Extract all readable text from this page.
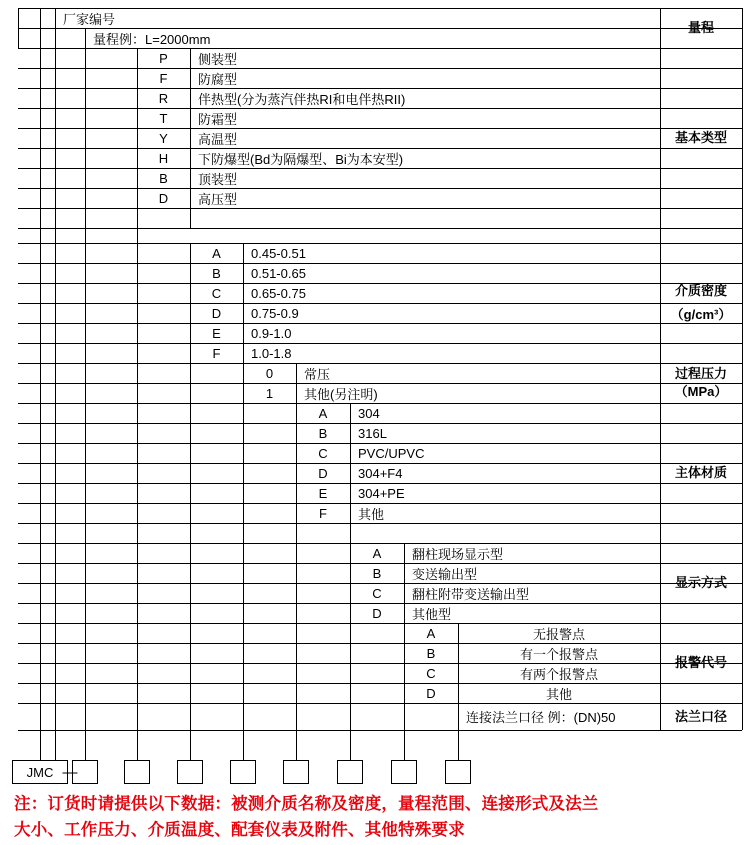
厂家编号
量程例：L=2000mm
量程
P	侧装型
F	防腐型
R	伴热型(分为蒸汽伴热RI和电伴热RII)
T	防霜型
Y	高温型
H	下防爆型(Bd为隔爆型、Bi为本安型)
B	顶装型
D	高压型
基本类型
A	0.45-0.51
B	0.51-0.65
C	0.65-0.75
D	0.75-0.9
E	0.9-1.0
F	1.0-1.8
介质密度
（g/cm³）
0	常压
1	其他(另注明)
过程压力
（MPa）
A	304
B	316L
C	PVC/UPVC
D	304+F4
E	304+PE
F	其他
主体材质
A	翻柱现场显示型
B	变送输出型
C	翻柱附带变送输出型
D	其他型
显示方式
A	无报警点
B	有一个报警点
C	有两个报警点
D	其他
报警代号
连接法兰口径 例：(DN)50	法兰口径
JMC —
注：订货时请提供以下数据：被测介质名称及密度，量程范围、连接形式及法兰
大小、工作压力、介质温度、配套仪表及附件、其他特殊要求
